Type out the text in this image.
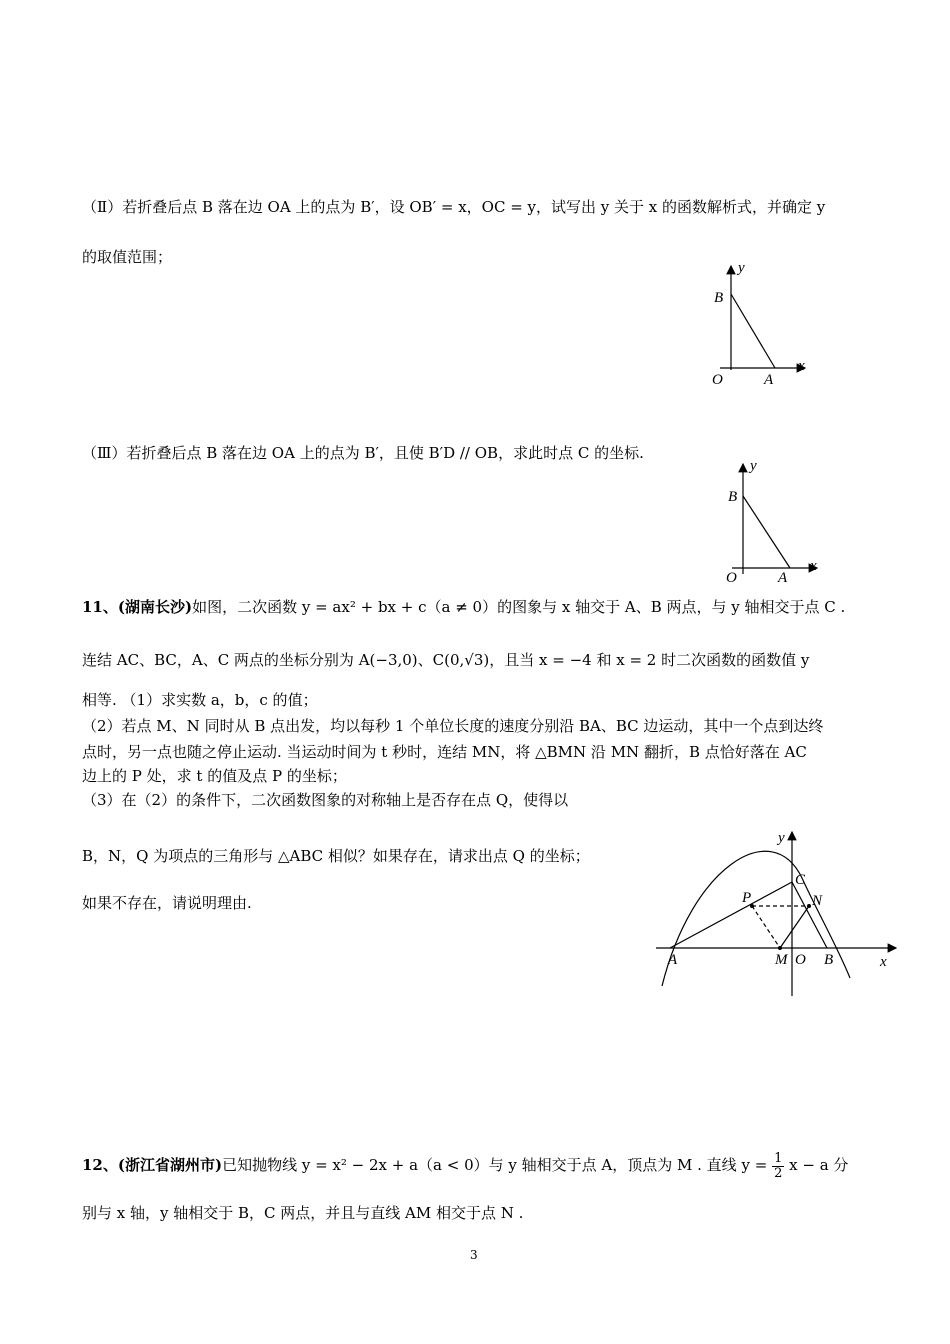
（Ⅱ）若折叠后点 B 落在边 OA 上的点为 B′，设 OB′ = x，OC = y，试写出 y 关于 x 的函数解析式，并确定 y
的取值范围；
y
B
O	A
x
（Ⅲ）若折叠后点 B 落在边 OA 上的点为 B′，且使 B′D // OB，求此时点 C 的坐标.
y
B
O	A
x
11、(湖南长沙)如图，二次函数 y = ax² + bx + c（a ≠ 0）的图象与 x 轴交于 A、B 两点，与 y 轴相交于点 C .
连结 AC、BC，A、C 两点的坐标分别为 A(−3,0)、C(0,√3)，且当 x = −4 和 x = 2 时二次函数的函数值 y
相等. （1）求实数 a，b，c 的值；
（2）若点 M、N 同时从 B 点出发，均以每秒 1 个单位长度的速度分别沿 BA、BC 边运动，其中一个点到达终
点时，另一点也随之停止运动. 当运动时间为 t 秒时，连结 MN，将 △BMN 沿 MN 翻折，B 点恰好落在 AC
边上的 P 处，求 t 的值及点 P 的坐标；
（3）在（2）的条件下，二次函数图象的对称轴上是否存在点 Q，使得以
B，N，Q 为项点的三角形与 △ABC 相似？如果存在，请求出点 Q 的坐标；
如果不存在，请说明理由.
y
C
P	N
A	M O B	x
12、(浙江省湖州市)已知抛物线 y = x² − 2x + a（a < 0）与 y 轴相交于点 A，顶点为 M . 直线 $y = \frac{1}{2}$ x − a 分
别与 x 轴，y 轴相交于 B，C 两点，并且与直线 AM 相交于点 N .
3
